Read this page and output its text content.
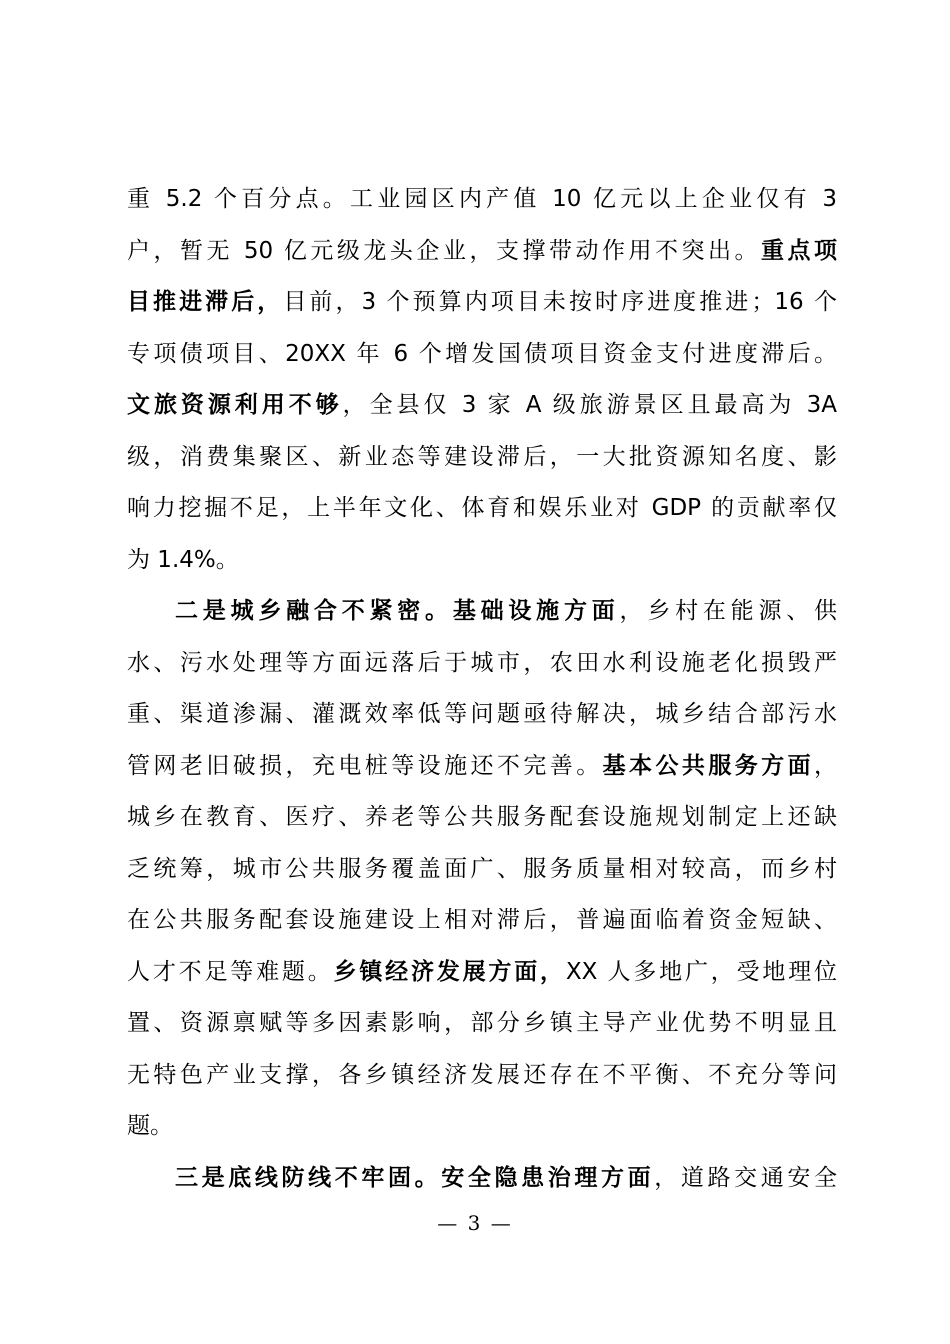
重 5.2 个百分点。工业园区内产值 10 亿元以上企业仅有 3
户，暂无 50 亿元级龙头企业，支撑带动作用不突出。重点项
目推进滞后，目前，3 个预算内项目未按时序进度推进；16 个
专项债项目、20XX 年 6 个增发国债项目资金支付进度滞后。
文旅资源利用不够，全县仅 3 家 A 级旅游景区且最高为 3A
级，消费集聚区、新业态等建设滞后，一大批资源知名度、影
响力挖掘不足，上半年文化、体育和娱乐业对 GDP 的贡献率仅
为 1.4%。
二是城乡融合不紧密。基础设施方面，乡村在能源、供
水、污水处理等方面远落后于城市，农田水利设施老化损毁严
重、渠道渗漏、灌溉效率低等问题亟待解决，城乡结合部污水
管网老旧破损，充电桩等设施还不完善。基本公共服务方面，
城乡在教育、医疗、养老等公共服务配套设施规划制定上还缺
乏统筹，城市公共服务覆盖面广、服务质量相对较高，而乡村
在公共服务配套设施建设上相对滞后，普遍面临着资金短缺、
人才不足等难题。乡镇经济发展方面，XX 人多地广，受地理位
置、资源禀赋等多因素影响，部分乡镇主导产业优势不明显且
无特色产业支撑，各乡镇经济发展还存在不平衡、不充分等问
题。
三是底线防线不牢固。安全隐患治理方面，道路交通安全
— 3 —
